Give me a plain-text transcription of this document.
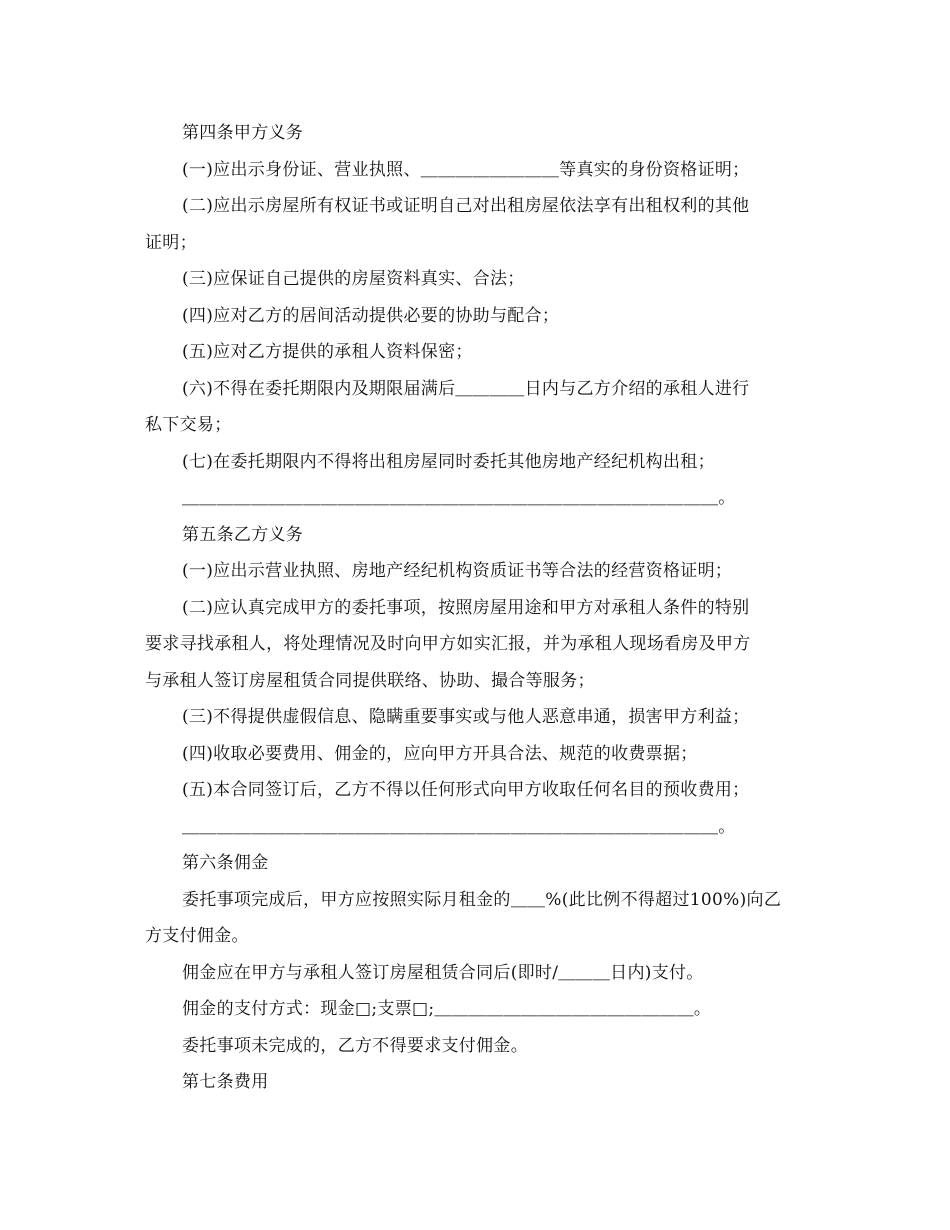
第四条甲方义务
(一)应出示身份证、营业执照、＿＿＿＿＿＿＿＿等真实的身份资格证明；
(二)应出示房屋所有权证书或证明自己对出租房屋依法享有出租权利的其他
证明；
(三)应保证自己提供的房屋资料真实、合法；
(四)应对乙方的居间活动提供必要的协助与配合；
(五)应对乙方提供的承租人资料保密；
(六)不得在委托期限内及期限届满后＿＿＿＿日内与乙方介绍的承租人进行
私下交易；
(七)在委托期限内不得将出租房屋同时委托其他房地产经纪机构出租；
＿＿＿＿＿＿＿＿＿＿＿＿＿＿＿＿＿＿＿＿＿＿＿＿＿＿＿＿＿＿＿。
第五条乙方义务
(一)应出示营业执照、房地产经纪机构资质证书等合法的经营资格证明；
(二)应认真完成甲方的委托事项，按照房屋用途和甲方对承租人条件的特别
要求寻找承租人，将处理情况及时向甲方如实汇报，并为承租人现场看房及甲方
与承租人签订房屋租赁合同提供联络、协助、撮合等服务；
(三)不得提供虚假信息、隐瞒重要事实或与他人恶意串通，损害甲方利益；
(四)收取必要费用、佣金的，应向甲方开具合法、规范的收费票据；
(五)本合同签订后，乙方不得以任何形式向甲方收取任何名目的预收费用；
＿＿＿＿＿＿＿＿＿＿＿＿＿＿＿＿＿＿＿＿＿＿＿＿＿＿＿＿＿＿＿。
第六条佣金
委托事项完成后，甲方应按照实际月租金的＿＿%(此比例不得超过100%)向乙
方支付佣金。
佣金应在甲方与承租人签订房屋租赁合同后(即时/＿＿＿日内)支付。
佣金的支付方式：现金□;支票□;＿＿＿＿＿＿＿＿＿＿＿＿＿＿＿。
委托事项未完成的，乙方不得要求支付佣金。
第七条费用
